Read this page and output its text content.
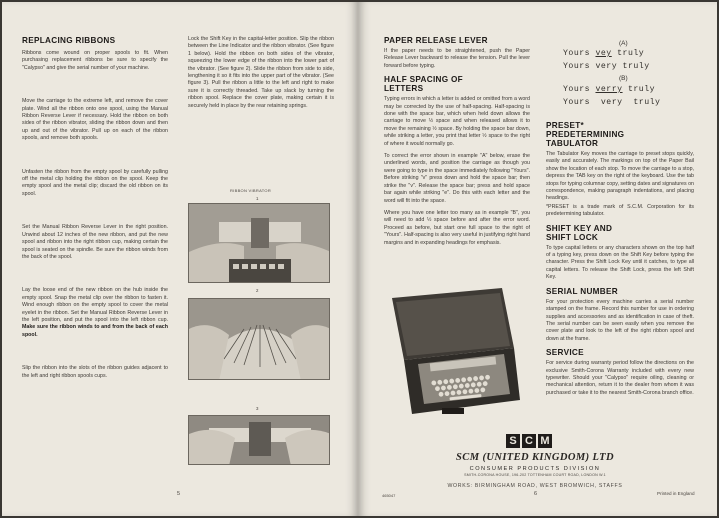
REPLACING RIBBONS

Ribbons come wound on proper spools to fit. When purchasing replacement ribbons be sure to specify the "Calypso" and give the serial number of your machine.

Move the carriage to the extreme left, and remove the cover plate. Wind all the ribbon onto one spool, using the Manual Ribbon Reverse Lever if necessary. Hold the ribbon on both sides of the ribbon vibrator, sliding the ribbon down and then up and out of the vibrator. Pull up on each of the ribbon spools, and remove both spools.

Unfasten the ribbon from the empty spool by carefully pulling off the metal clip holding the ribbon on the spool. Keep the empty spool and the metal clip; discard the old ribbon on its spool.

Set the Manual Ribbon Reverse Lever in the right position. Unwind about 12 inches of the new ribbon, and put the new spool and ribbon into the right ribbon cup, making certain the spool is seated on the spindle. Be sure the ribbon winds from the back of the spool.

Lay the loose end of the new ribbon on the hub inside the empty spool. Snap the metal clip over the ribbon to fasten it. Wind enough ribbon on the empty spool to cover the metal eyelet in the ribbon. Set the Manual Ribbon Reverse Lever in the left position, and put the spool into the left ribbon cup. Make sure the ribbon winds to and from the back of each spool.

Slip the ribbon into the slots of the ribbon guides adjacent to the left and right ribbon spools cups.

Lock the Shift Key in the capital-letter position. Slip the ribbon between the Line Indicator and the ribbon vibrator. (See figure 1 below). Hold the ribbon on both sides of the vibrator, squeezing the lower edge of the ribbon into the lower part of the vibrator. (See figure 2). Slide the ribbon from side to side, lengthening it so it fits into the upper part of the vibrator. (See figure 3). Pull the ribbon a little to the left and right to make sure it is correctly threaded. Take up slack by turning the ribbon spool. Replace the cover plate, making certain it is securely held in place by the rear retaining springs.

RIBBON VIBRATOR
1
2
3
5
PAPER RELEASE LEVER

If the paper needs to be straightened, push the Paper Release Lever backward to release the tension. Pull the lever forward before typing.

HALF SPACING OF LETTERS

Typing errors in which a letter is added or omitted from a word may be corrected by the use of half-spacing. Half-spacing is done with the space bar, which when held down allows the carriage to move ½ space and when released allows it to move the remaining ½ space. By holding the space bar down, while striking a letter, you print that letter ½ space to the right of where it would normally go.

To correct the error shown in example "A" below, erase the underlined words, and position the carriage as though you were going to type in the space immediately following "Yours". Before striking "v" press down and hold the space bar; then strike the "v". Release the space bar; press and hold space bar again while striking "e". Do this with each letter and the word will fit into the space.

Where you have one letter too many as in example "B", you will need to add ½ space before and after the error word. Proceed as before, but start one full space to the right of "Yours". Half-spacing is also very useful in justifying right hand margins and in expanding headings for emphasis.

(A)
Yours vey truly
Yours very truly
(B)
Yours verry truly
Yours  very  truly
PRESET* PREDETERMINING TABULATOR

The Tabulator Key moves the carriage to preset stops quickly, easily and accurately. The markings on top of the Paper Bail show the location of each stop. To move the carriage to a stop, depress the TAB key on the right of the keyboard. Use the tab stops for typing columnar copy, setting dates and signatures on correspondence, making paragraph indentations, and placing headings.

*PRESET is a trade mark of S.C.M. Corporation for its predetermining tabulator.

SHIFT KEY AND SHIFT LOCK

To type capital letters or any characters shown on the top half of a typing key, press down on the Shift Key before typing the character. Press the Shift Lock Key until it catches, to type all capital letters. To release the Shift Lock, press the left Shift Key.

SERIAL NUMBER

For your protection every machine carries a serial number stamped on the frame. Record this number for use in ordering supplies and accessories and as identification in case of theft. The serial number can be seen easily when you remove the cover plate and look to the left of the right ribbon spool and down at the frame.

SERVICE

For service during warranty period follow the directions on the exclusive Smith-Corona Warranty included with every new typewriter. Should your "Calypso" require oiling, cleaning or mechanical attention, return it to the dealer from whom it was purchased or take it to the nearest Smith-Corona branch office.

S C M
SCM (UNITED KINGDOM) LTD
CONSUMER PRODUCTS DIVISION
SMITH-CORONA HOUSE, 196-202 TOTTENHAM COURT ROAD, LONDON W.1
WORKS: BIRMINGHAM ROAD, WEST BROMWICH, STAFFS
465047	6	Printed in England
